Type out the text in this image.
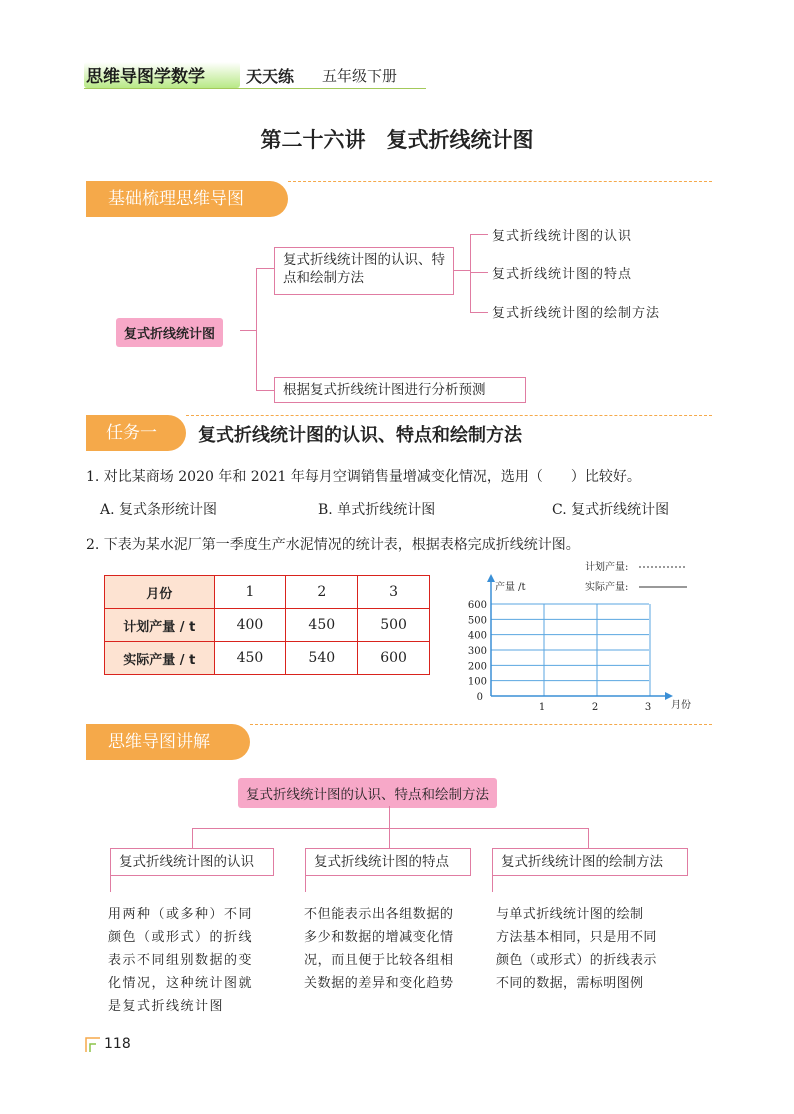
思维导图学数学	天天练 五年级下册
第二十六讲　复式折线统计图
基础梳理思维导图
复式折线统计图
复式折线统计图的认识、特点和绘制方法
根据复式折线统计图进行分析预测
复式折线统计图的认识
复式折线统计图的特点
复式折线统计图的绘制方法
任务一	复式折线统计图的认识、特点和绘制方法
1. 对比某商场 2020 年和 2021 年每月空调销售量增减变化情况，选用（　　）比较好。
A. 复式条形统计图	B. 单式折线统计图	C. 复式折线统计图
2. 下表为某水泥厂第一季度生产水泥情况的统计表，根据表格完成折线统计图。
月份	1	2	3
计划产量 / t	400	450	500
实际产量 / t	450	540	600
0
100
200
300
400
500
600
1	2	3
产量 /t
月份
计划产量:
实际产量:
思维导图讲解
复式折线统计图的认识、特点和绘制方法
复式折线统计图的认识	复式折线统计图的特点	复式折线统计图的绘制方法
用两种（或多种）不同
颜色（或形式）的折线
表示不同组别数据的变
化情况，这种统计图就
是复式折线统计图
不但能表示出各组数据的
多少和数据的增减变化情
况，而且便于比较各组相
关数据的差异和变化趋势
与单式折线统计图的绘制
方法基本相同，只是用不同
颜色（或形式）的折线表示
不同的数据，需标明图例
118
